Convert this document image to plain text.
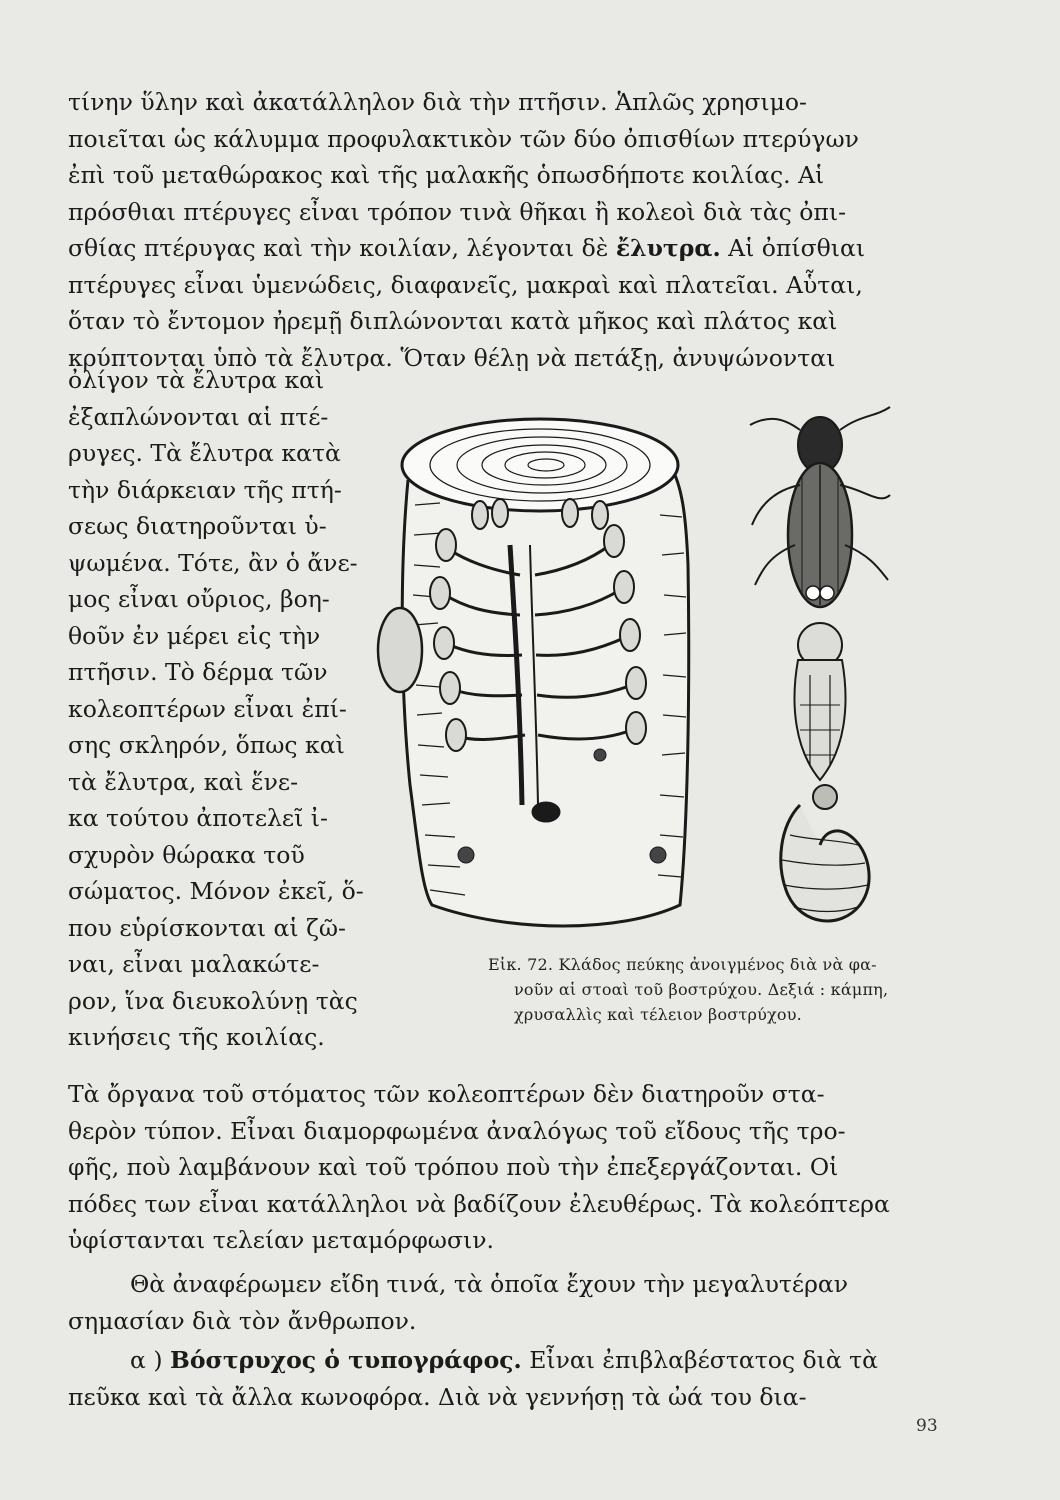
τίνην ὕλην καὶ ἀκατάλληλον διὰ τὴν πτῆσιν. Ἁπλῶς χρησιμο-
ποιεῖται ὡς κάλυμμα προφυλακτικὸν τῶν δύο ὀπισθίων πτερύγων
ἐπὶ τοῦ μεταθώρακος καὶ τῆς μαλακῆς ὁπωσδήποτε κοιλίας. Αἱ
πρόσθιαι πτέρυγες εἶναι τρόπον τινὰ θῆκαι ἢ κολεοὶ διὰ τὰς ὀπι-
σθίας πτέρυγας καὶ τὴν κοιλίαν, λέγονται δὲ ἔλυτρα. Αἱ ὀπίσθιαι
πτέρυγες εἶναι ὑμενώδεις, διαφανεῖς, μακραὶ καὶ πλατεῖαι. Αὗται,
ὅταν τὸ ἔντομον ἠρεμῇ διπλώνονται κατὰ μῆκος καὶ πλάτος καὶ
κρύπτονται ὑπὸ τὰ ἔλυτρα. Ὅταν θέλῃ νὰ πετάξῃ, ἀνυψώνονται
ὀλίγον τὰ ἔλυτρα καὶ
ἐξαπλώνονται αἱ πτέ-
ρυγες. Τὰ ἔλυτρα κατὰ
τὴν διάρκειαν τῆς πτή-
σεως διατηροῦνται ὑ-
ψωμένα. Τότε, ἂν ὁ ἄνε-
μος εἶναι οὔριος, βοη-
θοῦν ἐν μέρει εἰς τὴν
πτῆσιν. Τὸ δέρμα τῶν
κολεοπτέρων εἶναι ἐπί-
σης σκληρόν, ὅπως καὶ
τὰ ἔλυτρα, καὶ ἕνε-
κα τούτου ἀποτελεῖ ἰ-
σχυρὸν θώρακα τοῦ
σώματος. Μόνον ἐκεῖ, ὅ-
που εὑρίσκονται αἱ ζῶ-
ναι, εἶναι μαλακώτε-
ρον, ἵνα διευκολύνῃ τὰς
κινήσεις τῆς κοιλίας.
Εἰκ. 72. Κλάδος πεύκης ἀνοιγμένος διὰ νὰ φα-
νοῦν αἱ στοαὶ τοῦ βοστρύχου. Δεξιά : κάμπη,
χρυσαλλὶς καὶ τέλειον βοστρύχου.
Τὰ ὄργανα τοῦ στόματος τῶν κολεοπτέρων δὲν διατηροῦν στα-
θερὸν τύπον. Εἶναι διαμορφωμένα ἀναλόγως τοῦ εἴδους τῆς τρο-
φῆς, ποὺ λαμβάνουν καὶ τοῦ τρόπου ποὺ τὴν ἐπεξεργάζονται. Οἱ
πόδες των εἶναι κατάλληλοι νὰ βαδίζουν ἐλευθέρως. Τὰ κολεόπτερα
ὑφίστανται τελείαν μεταμόρφωσιν.
Θὰ ἀναφέρωμεν εἴδη τινά, τὰ ὁποῖα ἔχουν τὴν μεγαλυτέραν
σημασίαν διὰ τὸν ἄνθρωπον.
α ) Βόστρυχος ὁ τυπογράφος. Εἶναι ἐπιβλαβέστατος διὰ τὰ
πεῦκα καὶ τὰ ἄλλα κωνοφόρα. Διὰ νὰ γεννήσῃ τὰ ὠά του δια-
93
